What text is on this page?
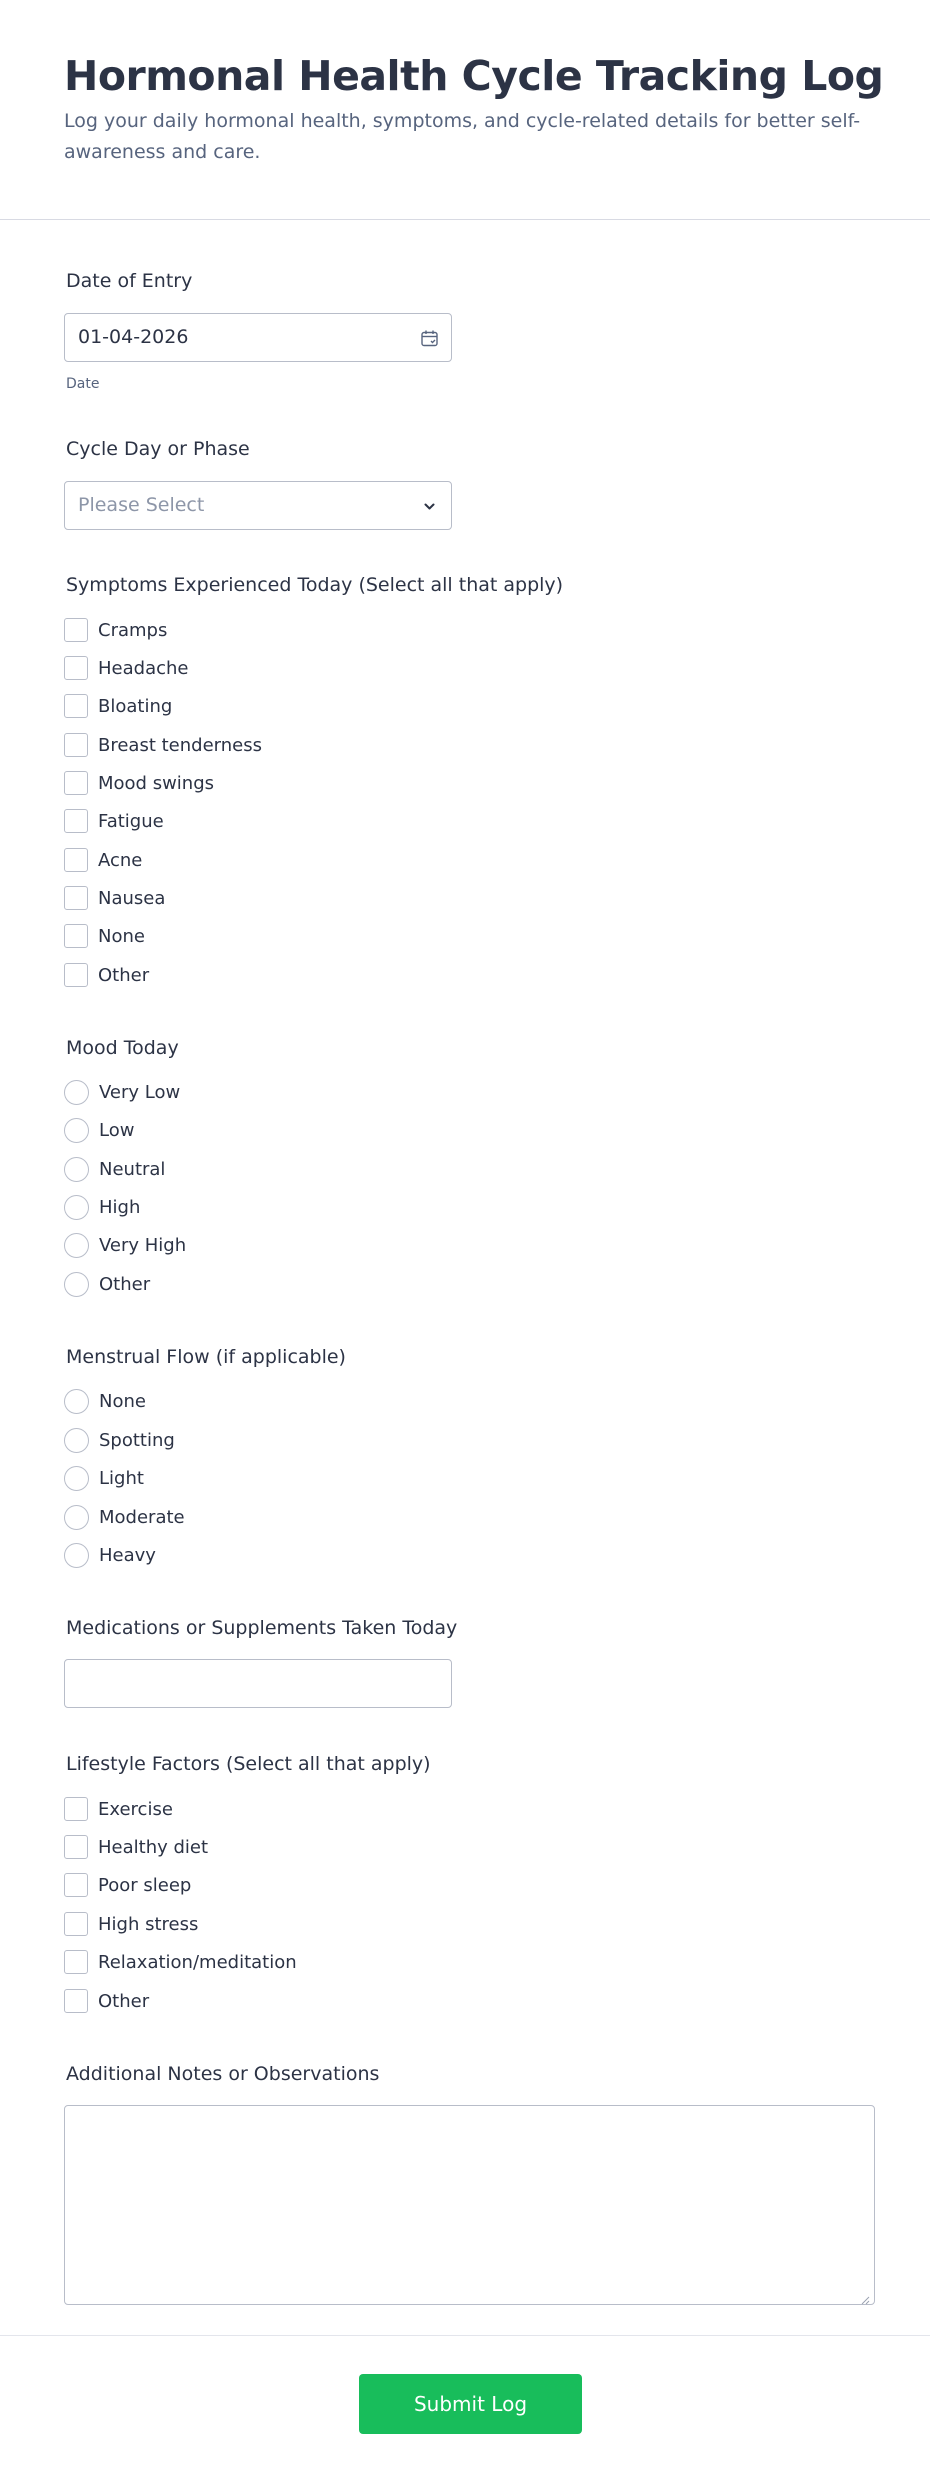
Hormonal Health Cycle Tracking Log

Log your daily hormonal health, symptoms, and cycle-related details for better self-awareness and care.

Date of Entry
01-04-2026
Date
Cycle Day or Phase
Please Select
Symptoms Experienced Today (Select all that apply)
Cramps
Headache
Bloating
Breast tenderness
Mood swings
Fatigue
Acne
Nausea
None
Other
Mood Today
Very Low
Low
Neutral
High
Very High
Other
Menstrual Flow (if applicable)
None
Spotting
Light
Moderate
Heavy
Medications or Supplements Taken Today
Lifestyle Factors (Select all that apply)
Exercise
Healthy diet
Poor sleep
High stress
Relaxation/meditation
Other
Additional Notes or Observations
Submit Log
